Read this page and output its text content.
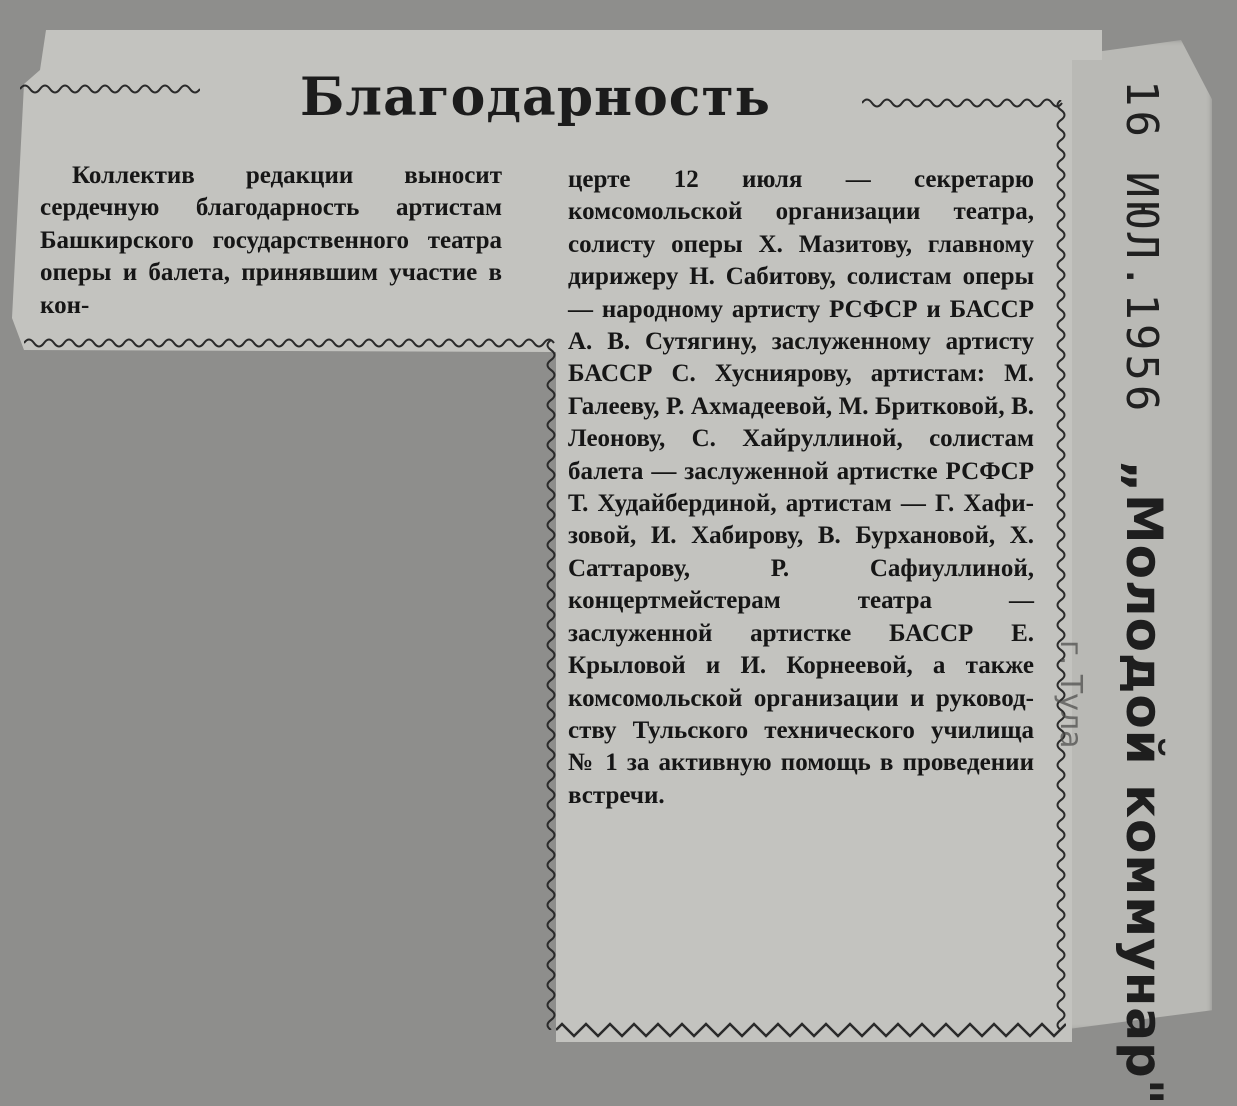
Благодарность
Коллектив редакции выносит сердечную благодарность артистам Башкирского государственного театра оперы и балета, принявшим участие в кон-
церте 12 июля — секретарю комсомольской организации театра, солисту оперы Х. Мазитову, главному дирижеру Н. Сабитову, солистам оперы — народному артисту РСФСР и БАССР А. В. Сутягину, заслуженному артисту БАССР С. Хусниярову, артистам: М. Галееву, Р. Ахмадеевой, М. Бритковой, В. Леонову, С. Хайруллиной, солистам балета — заслуженной артистке РСФСР Т. Худайбердиной, артистам — Г. Хафизовой, И. Хабирову, В. Бурхановой, Х. Саттарову, Р. Сафиуллиной, концертмейстерам театра — заслуженной артистке БАССР Е. Крыловой и И. Корнеевой, а также комсомольской организации и руководству Тульского технического училища № 1 за активную помощь в проведении встречи.
16 ИЮЛ.1956
„Молодой коммунар"
г. Тула
